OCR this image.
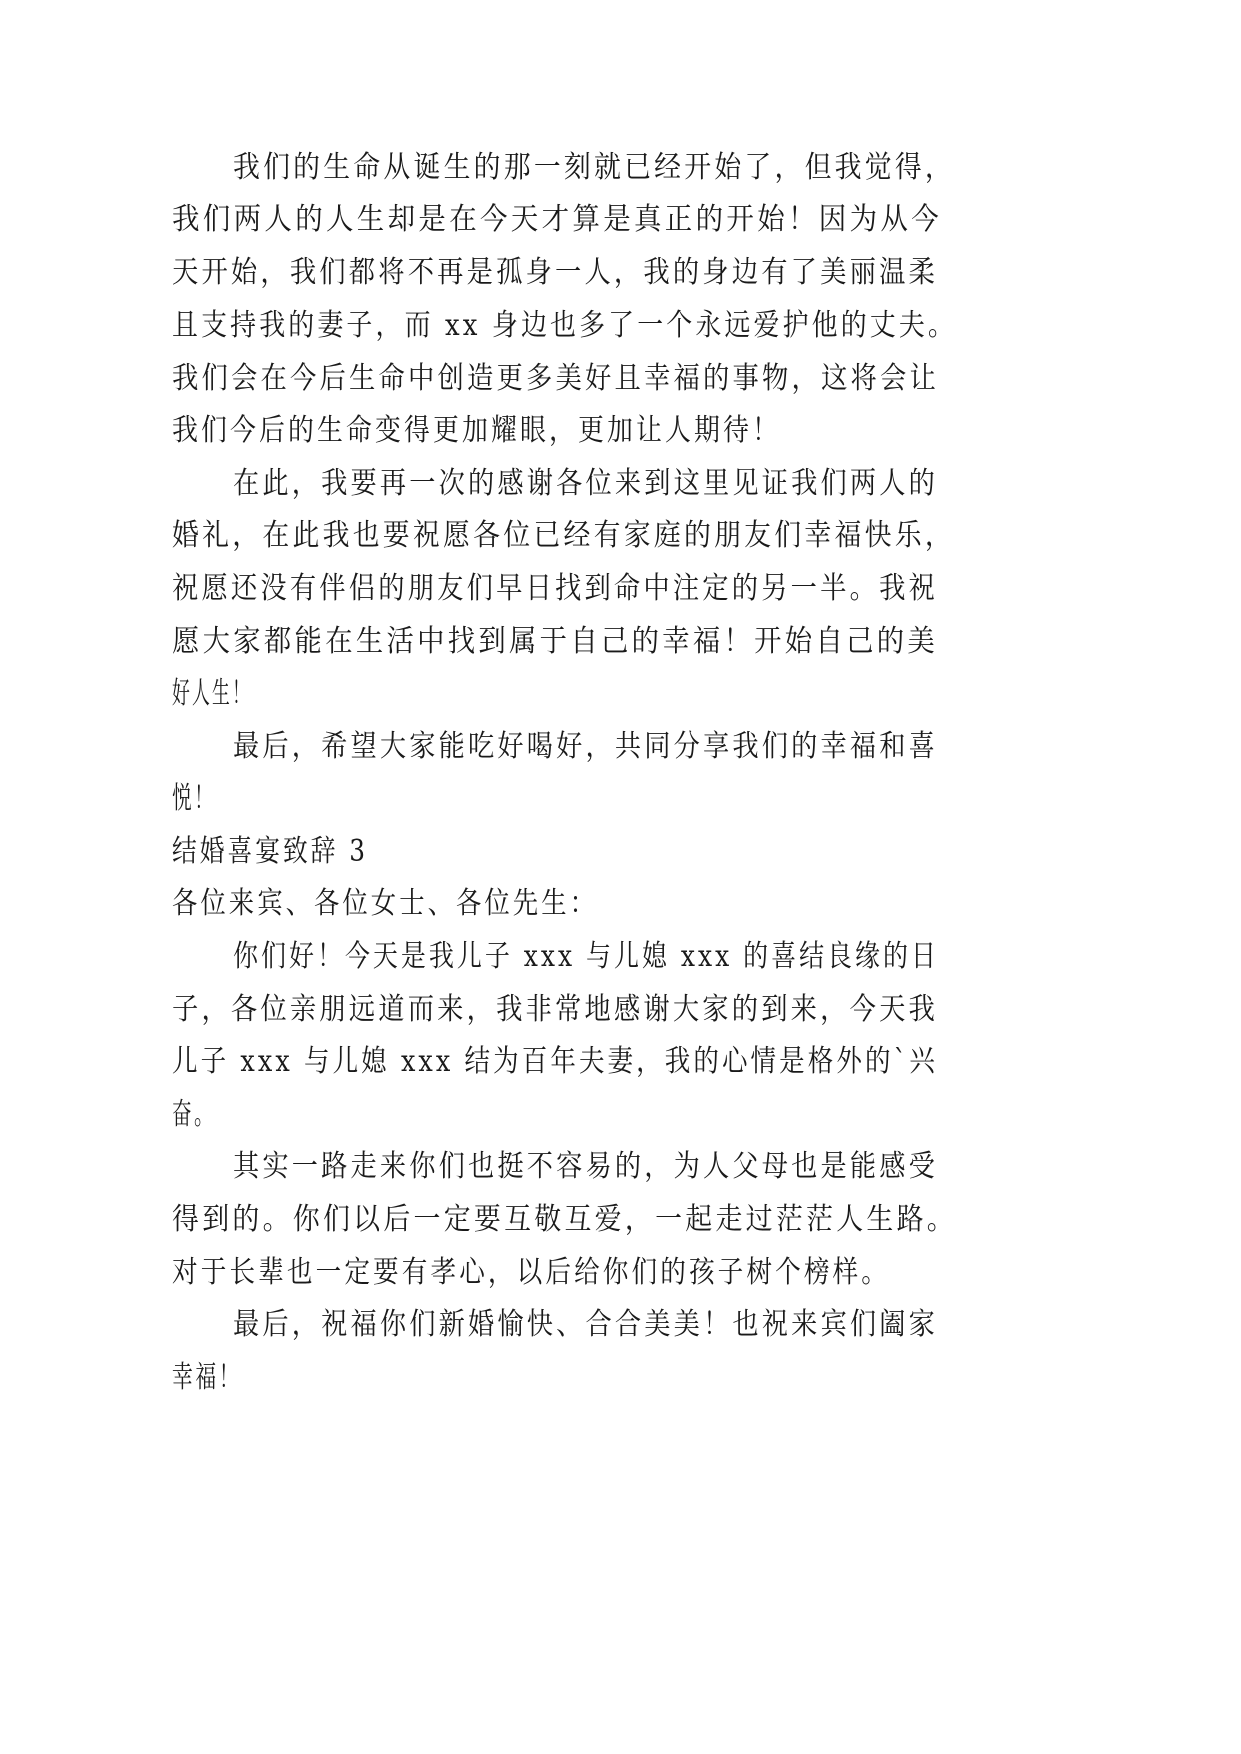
我们的生命从诞生的那一刻就已经开始了，但我觉得，
我们两人的人生却是在今天才算是真正的开始！因为从今
天开始，我们都将不再是孤身一人，我的身边有了美丽温柔
且支持我的妻子，而 xx 身边也多了一个永远爱护他的丈夫。
我们会在今后生命中创造更多美好且幸福的事物，这将会让
我们今后的生命变得更加耀眼，更加让人期待！
在此，我要再一次的感谢各位来到这里见证我们两人的
婚礼，在此我也要祝愿各位已经有家庭的朋友们幸福快乐，
祝愿还没有伴侣的朋友们早日找到命中注定的另一半。我祝
愿大家都能在生活中找到属于自己的幸福！开始自己的美
好人生！
最后，希望大家能吃好喝好，共同分享我们的幸福和喜
悦！
结婚喜宴致辞 3
各位来宾、各位女士、各位先生：
你们好！今天是我儿子 xxx 与儿媳 xxx 的喜结良缘的日
子，各位亲朋远道而来，我非常地感谢大家的到来，今天我
儿子 xxx 与儿媳 xxx 结为百年夫妻，我的心情是格外的`兴
奋。
其实一路走来你们也挺不容易的，为人父母也是能感受
得到的。你们以后一定要互敬互爱，一起走过茫茫人生路。
对于长辈也一定要有孝心，以后给你们的孩子树个榜样。
最后，祝福你们新婚愉快、合合美美！也祝来宾们阖家
幸福！
